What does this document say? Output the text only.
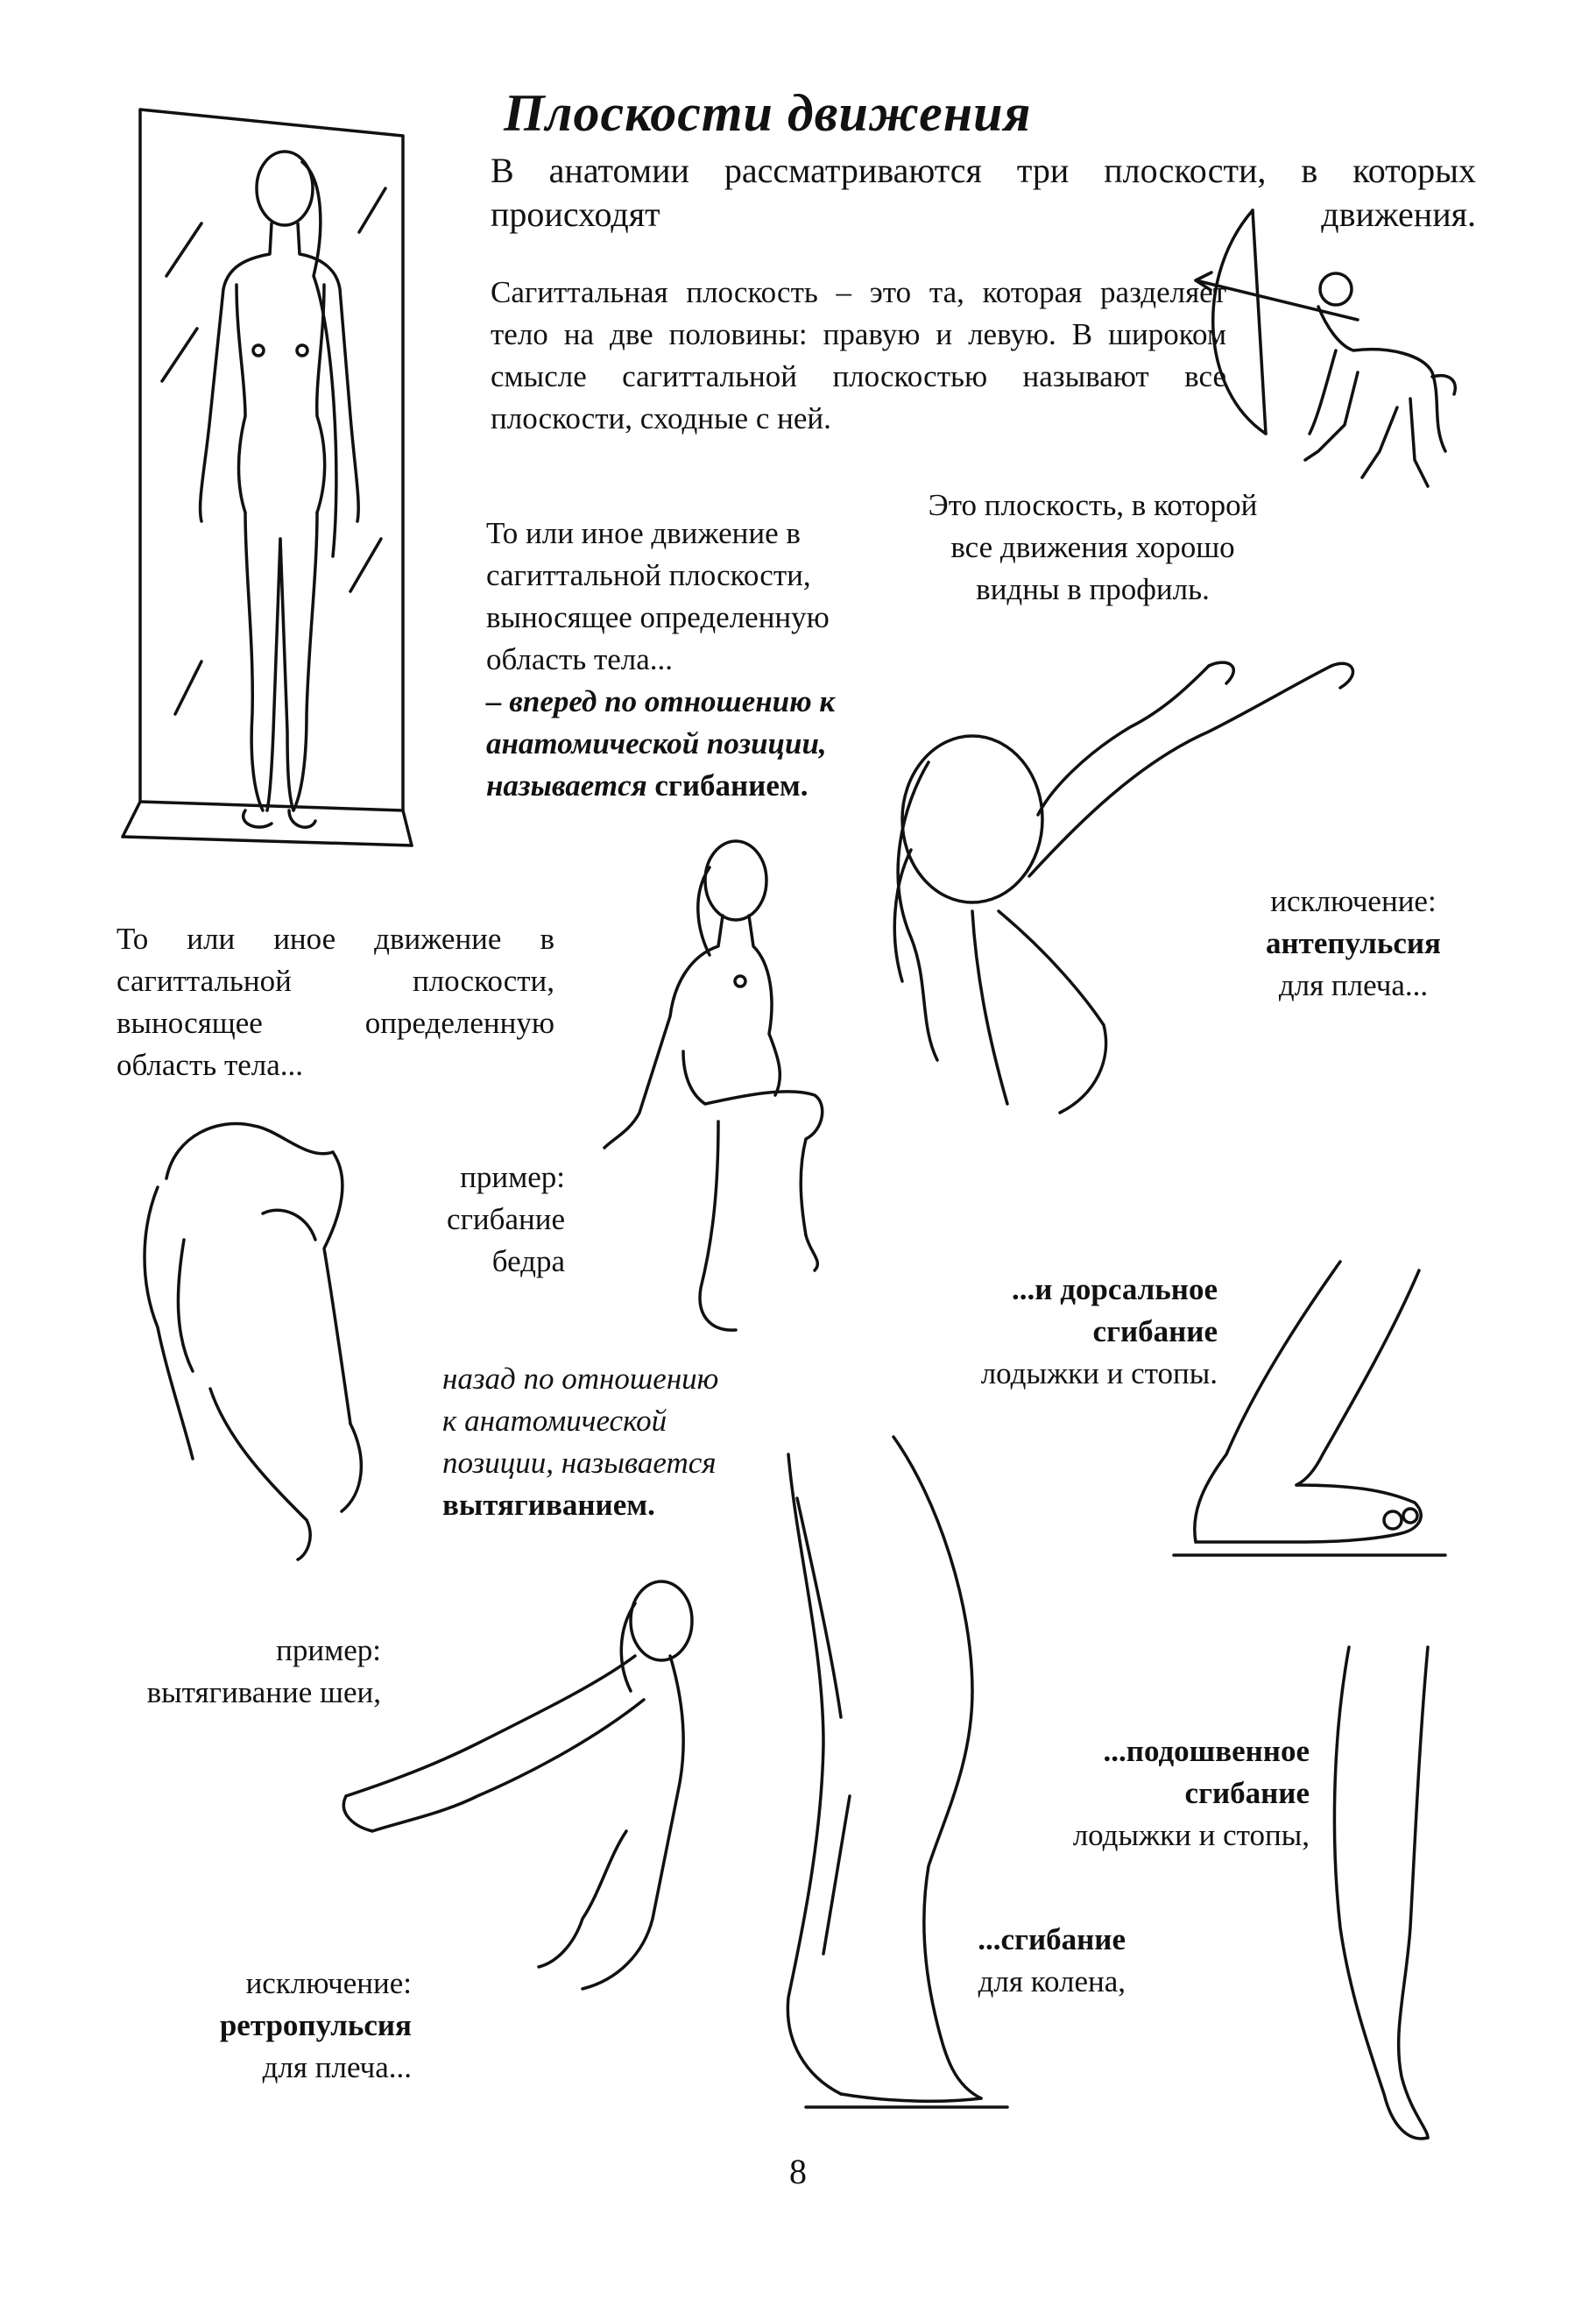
Плоскости движения

В анатомии рассматриваются три плоскости, в которых происходят движения.

Сагиттальная плоскость – это та, которая разделяет тело на две половины: правую и левую. В широком смысле сагиттальной плоскостью называют все плоскости, сходные с ней.

Это плоскость, в которой все движения хорошо видны в профиль.

То или иное движение в сагиттальной плоскости, выносящее определенную область тела...
– вперед по отношению к анатомической позиции, называется сгибанием.

То или иное движение в сагиттальной плоскости, выносящее определенную область тела...

исключение:
антепульсия
для плеча...

пример: сгибание бедра

...и дорсальное сгибание
лодыжки и стопы.
назад по отношению к анатомической позиции, называется вытягиванием.

пример: вытягивание шеи,

...подошвенное сгибание
лодыжки и стопы,
...сгибание
для колена,
исключение:
ретропульсия
для плеча...
8
